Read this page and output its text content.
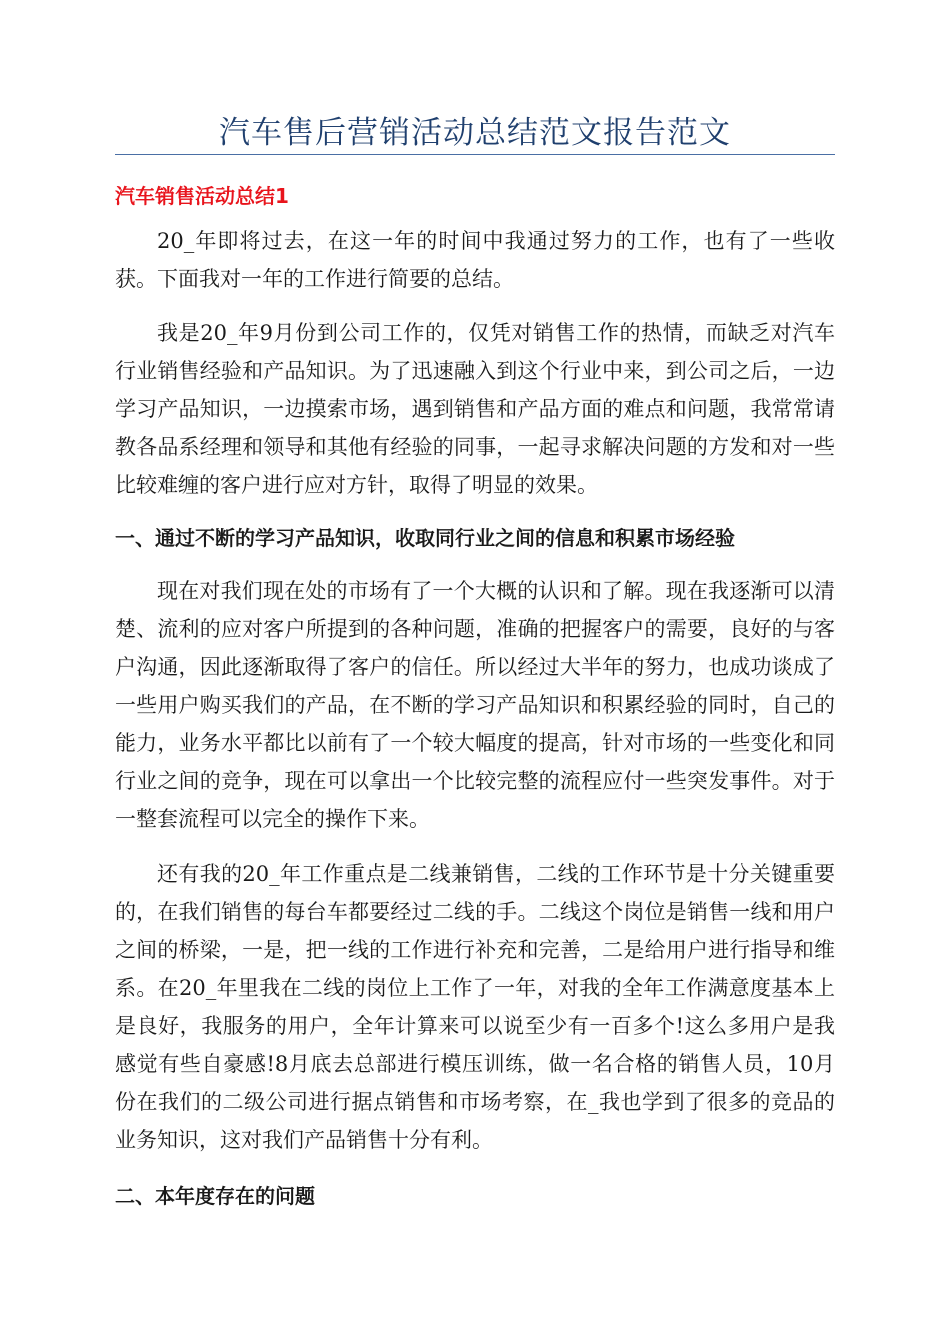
汽车售后营销活动总结范文报告范文
汽车销售活动总结1

20_年即将过去，在这一年的时间中我通过努力的工作，也有了一些收获。下面我对一年的工作进行简要的总结。

我是20_年9月份到公司工作的，仅凭对销售工作的热情，而缺乏对汽车行业销售经验和产品知识。为了迅速融入到这个行业中来，到公司之后，一边学习产品知识，一边摸索市场，遇到销售和产品方面的难点和问题，我常常请教各品系经理和领导和其他有经验的同事，一起寻求解决问题的方发和对一些比较难缠的客户进行应对方针，取得了明显的效果。

一、通过不断的学习产品知识，收取同行业之间的信息和积累市场经验

现在对我们现在处的市场有了一个大概的认识和了解。现在我逐渐可以清楚、流利的应对客户所提到的各种问题，准确的把握客户的需要，良好的与客户沟通，因此逐渐取得了客户的信任。所以经过大半年的努力，也成功谈成了一些用户购买我们的产品，在不断的学习产品知识和积累经验的同时，自己的能力，业务水平都比以前有了一个较大幅度的提高，针对市场的一些变化和同行业之间的竞争，现在可以拿出一个比较完整的流程应付一些突发事件。对于一整套流程可以完全的操作下来。

还有我的20_年工作重点是二线兼销售，二线的工作环节是十分关键重要的，在我们销售的每台车都要经过二线的手。二线这个岗位是销售一线和用户之间的桥梁，一是，把一线的工作进行补充和完善，二是给用户进行指导和维系。在20_年里我在二线的岗位上工作了一年，对我的全年工作满意度基本上是良好，我服务的用户，全年计算来可以说至少有一百多个!这么多用户是我感觉有些自豪感!8月底去总部进行模压训练，做一名合格的销售人员，10月份在我们的二级公司进行据点销售和市场考察，在_我也学到了很多的竞品的业务知识，这对我们产品销售十分有利。

二、本年度存在的问题
